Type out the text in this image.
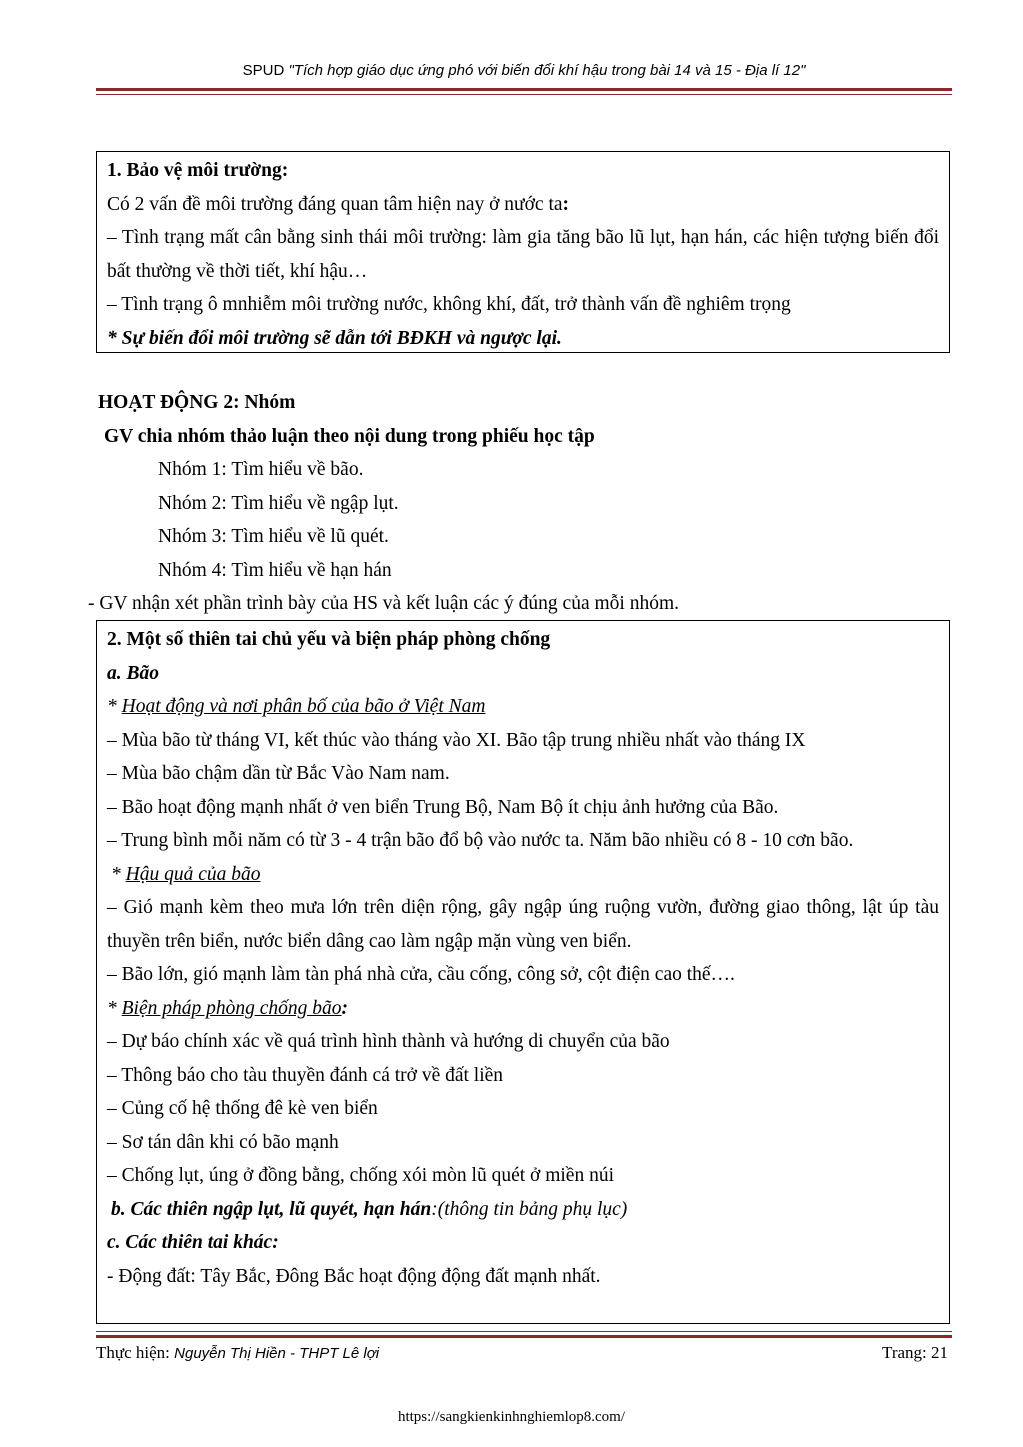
SPUD "Tích hợp giáo dục ứng phó với biến đổi khí hậu trong bài 14 và 15 - Địa lí 12"
1. Bảo vệ môi trường:
Có 2 vấn đề môi trường đáng quan tâm hiện nay ở nước ta:
– Tình trạng mất cân bằng sinh thái môi trường: làm gia tăng bão lũ lụt, hạn hán, các hiện tượng biến đổi bất thường về thời tiết, khí hậu…
– Tình trạng ô mnhiễm môi trường nước, không khí, đất, trở thành vấn đề nghiêm trọng
* Sự biến đổi môi trường sẽ dẫn tới BĐKH và ngược lại.
HOẠT ĐỘNG 2: Nhóm
GV chia nhóm thảo luận theo nội dung trong phiếu học tập
Nhóm 1: Tìm hiểu về bão.
Nhóm 2: Tìm hiểu về ngập lụt.
Nhóm 3: Tìm hiểu về lũ quét.
Nhóm 4: Tìm hiểu về hạn hán
- GV nhận xét phần trình bày của HS và kết luận các ý đúng của mỗi nhóm.
2. Một số thiên tai chủ yếu và biện pháp phòng chống
a. Bão
* Hoạt động và nơi phân bố của bão ở Việt Nam
– Mùa bão từ tháng VI, kết thúc vào tháng vào XI. Bão tập trung nhiều nhất vào tháng IX
– Mùa bão chậm dần từ Bắc Vào Nam nam.
– Bão hoạt động mạnh nhất ở ven biển Trung Bộ, Nam Bộ ít chịu ảnh hưởng của Bão.
– Trung bình mỗi năm có từ 3 - 4 trận bão đổ bộ vào nước ta. Năm bão nhiều có 8 - 10 cơn bão.
* Hậu quả của bão
– Gió mạnh kèm theo mưa lớn trên diện rộng, gây ngập úng ruộng vườn, đường giao thông, lật úp tàu thuyền trên biển, nước biển dâng cao làm ngập mặn vùng ven biển.
– Bão lớn, gió mạnh làm tàn phá nhà cửa, cầu cống, công sở, cột điện cao thế….
* Biện pháp phòng chống bão:
– Dự báo chính xác về quá trình hình thành và hướng di chuyển của bão
– Thông báo cho tàu thuyền đánh cá trở về đất liền
– Củng cố hệ thống đê kè ven biển
– Sơ tán dân khi có bão mạnh
– Chống lụt, úng ở đồng bằng, chống xói mòn lũ quét ở miền núi
b. Các thiên ngập lụt, lũ quyét, hạn hán:(thông tin bảng phụ lục)
c. Các thiên tai khác:
- Động đất: Tây Bắc, Đông Bắc hoạt động động đất mạnh nhất.
Thực hiện: Nguyễn Thị Hiền - THPT Lê lợi	Trang: 21
https://sangkienkinhnghiemlop8.com/
